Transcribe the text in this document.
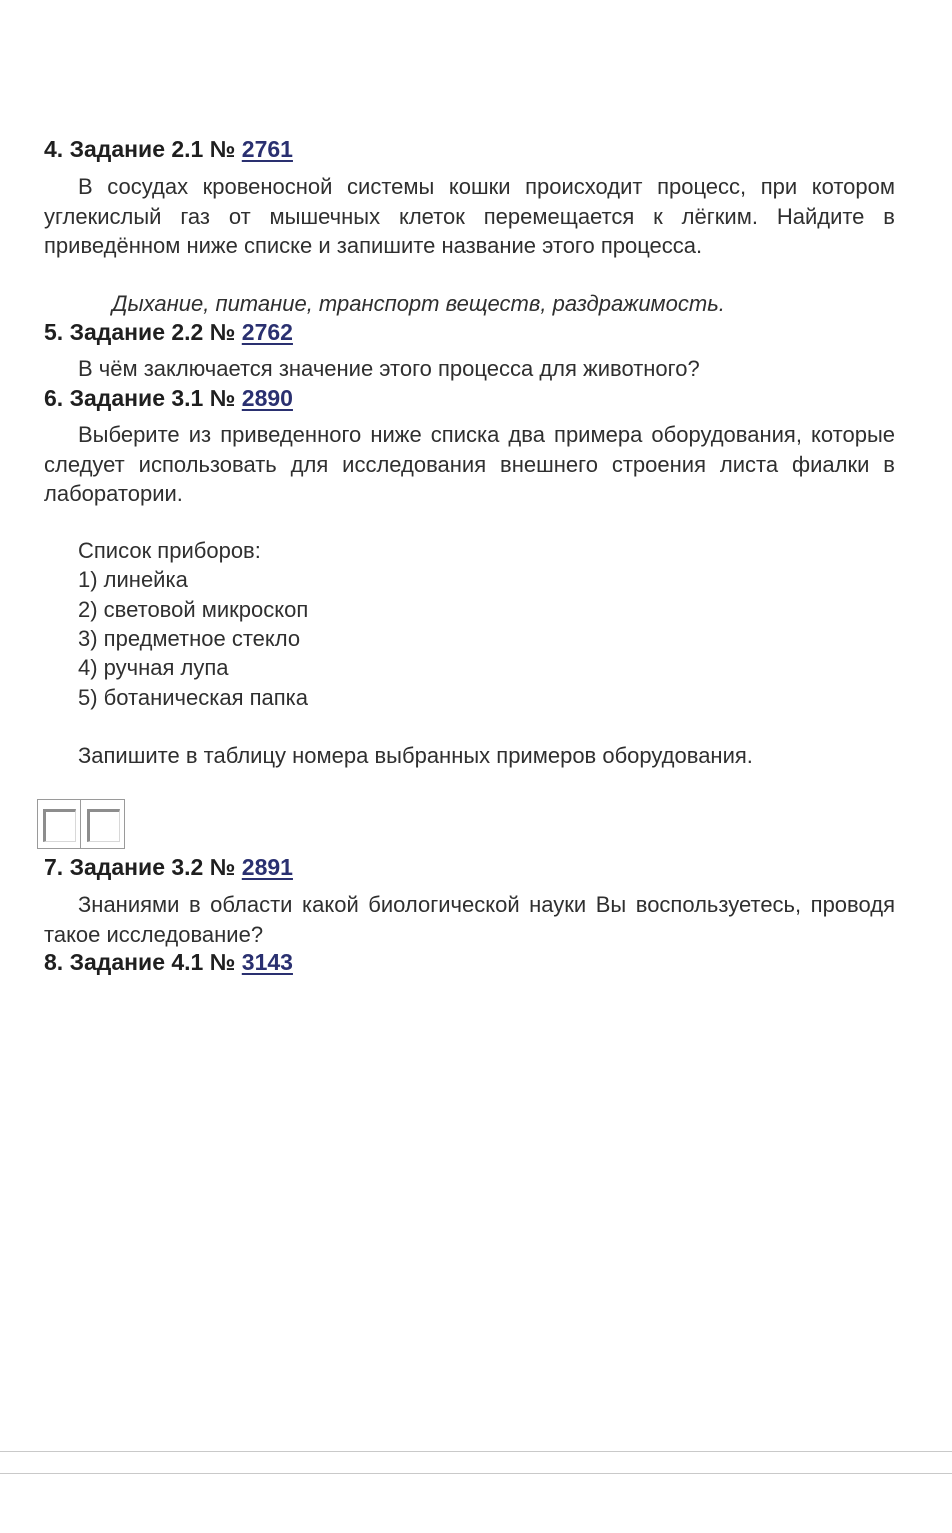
4. Задание 2.1 № 2761
В сосудах кровеносной системы кошки происходит процесс, при котором углекислый газ от мышечных клеток перемещается к лёгким. Найдите в приведённом ниже списке и запишите название этого процесса.
Дыхание, питание, транспорт веществ, раздражимость.
5. Задание 2.2 № 2762
В чём заключается значение этого процесса для животного?
6. Задание 3.1 № 2890
Выберите из приведенного ниже списка два примера оборудования, которые следует использовать для исследования внешнего строения листа фиалки в лаборатории.
Список приборов:
1) линейка
2) световой микроскоп
3) предметное стекло
4) ручная лупа
5) ботаническая папка
Запишите в таблицу номера выбранных примеров оборудования.
7. Задание 3.2 № 2891
Знаниями в области какой биологической науки Вы воспользуетесь, проводя такое исследование?
8. Задание 4.1 № 3143
